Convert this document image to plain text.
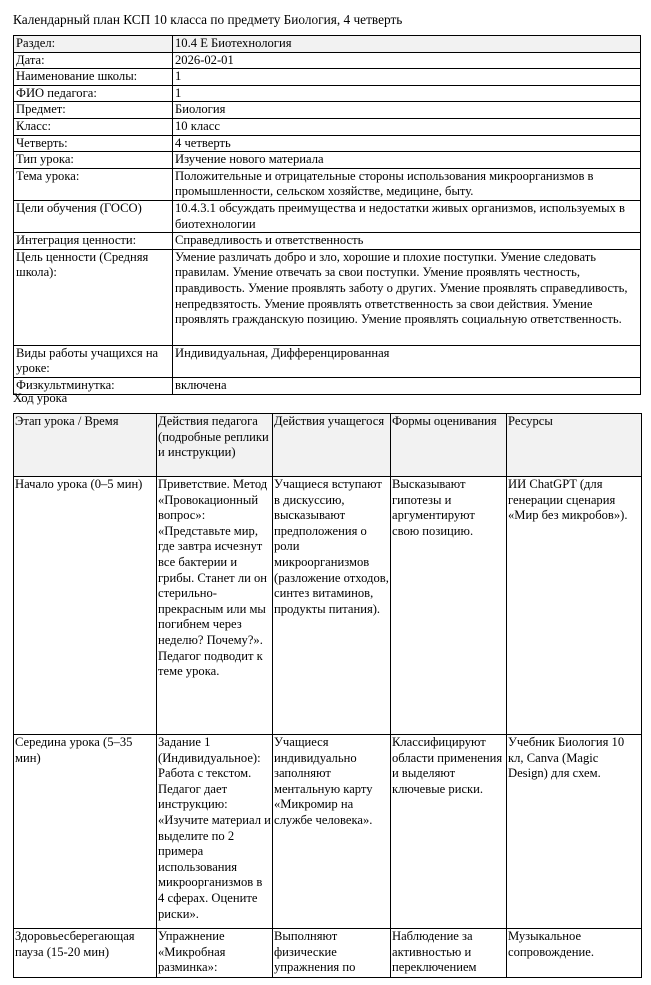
Календарный план КСП 10 класса по предмету Биология, 4 четверть
Раздел:	10.4 E Биотехнология
Дата:	2026-02-01
Наименование школы:	1
ФИО педагога:	1
Предмет:	Биология
Класс:	10 класс
Четверть:	4 четверть
Тип урока:	Изучение нового материала
Тема урока:	Положительные и отрицательные стороны использования микроорганизмов в промышленности, сельском хозяйстве, медицине, быту.
Цели обучения (ГОСО)	10.4.3.1 обсуждать преимущества и недостатки живых организмов, используемых в биотехнологии
Интеграция ценности:	Справедливость и ответственность
Цель ценности (Средняя школа):	Умение различать добро и зло, хорошие и плохие поступки. Умение следовать правилам. Умение отвечать за свои поступки. Умение проявлять честность, правдивость. Умение проявлять заботу о других. Умение проявлять справедливость, непредвзятость. Умение проявлять ответственность за свои действия. Умение проявлять гражданскую позицию. Умение проявлять социальную ответственность.
Виды работы учащихся на уроке:	Индивидуальная, Дифференцированная
Физкультминутка:	включена
Ход урока
Этап урока / Время	Действия педагога (подробные реплики и инструкции)	Действия учащегося	Формы оценивания	Ресурсы
Начало урока (0–5 мин)	Приветствие. Метод «Провокационный вопрос»: «Представьте мир, где завтра исчезнут все бактерии и грибы. Станет ли он стерильно-прекрасным или мы погибнем через неделю? Почему?». Педагог подводит к теме урока.	Учащиеся вступают в дискуссию, высказывают предположения о роли микроорганизмов (разложение отходов, синтез витаминов, продукты питания).	Высказывают гипотезы и аргументируют свою позицию.	ИИ ChatGPT (для генерации сценария «Мир без микробов»).
Середина урока (5–35 мин)	Задание 1 (Индивидуальное): Работа с текстом. Педагог дает инструкцию: «Изучите материал и выделите по 2 примера использования микроорганизмов в 4 сферах. Оцените риски».	Учащиеся индивидуально заполняют ментальную карту «Микромир на службе человека».	Классифицируют области применения и выделяют ключевые риски.	Учебник Биология 10 кл, Canva (Magic Design) для схем.
Здоровьесберегающая пауза (15-20 мин)	Упражнение «Микробная разминка»:	Выполняют физические упражнения по	Наблюдение за активностью и переключением	Музыкальное сопровождение.
